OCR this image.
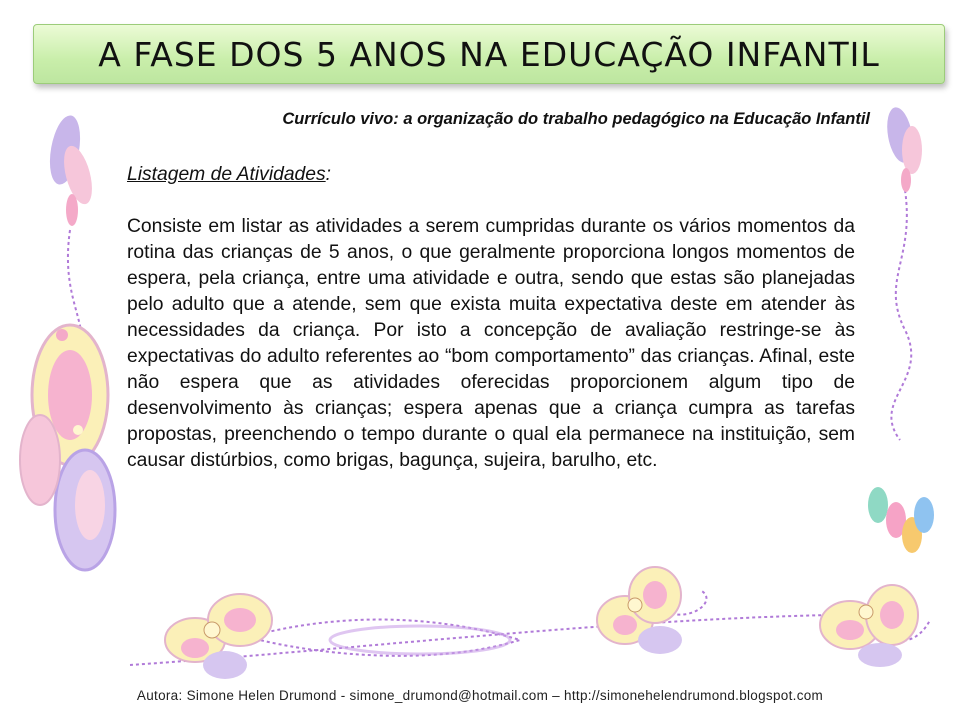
A FASE DOS 5 ANOS NA EDUCAÇÃO INFANTIL
Currículo vivo: a organização do trabalho pedagógico na Educação Infantil
Listagem de Atividades:
Consiste em listar as atividades a serem cumpridas durante os vários momentos da rotina das crianças de 5 anos, o que geralmente proporciona longos momentos de espera, pela criança, entre uma atividade e outra, sendo que estas são planejadas pelo adulto que a atende, sem que exista muita expectativa deste em atender às necessidades da criança. Por isto a concepção de avaliação restringe-se às expectativas do adulto referentes ao “bom comportamento” das crianças. Afinal, este não espera que as atividades oferecidas proporcionem algum tipo de desenvolvimento às crianças; espera apenas que a criança cumpra as tarefas propostas, preenchendo o tempo durante o qual ela permanece na instituição, sem causar distúrbios, como brigas, bagunça, sujeira, barulho, etc.
Autora: Simone Helen Drumond - simone_drumond@hotmail.com – http://simonehelendrumond.blogspot.com
